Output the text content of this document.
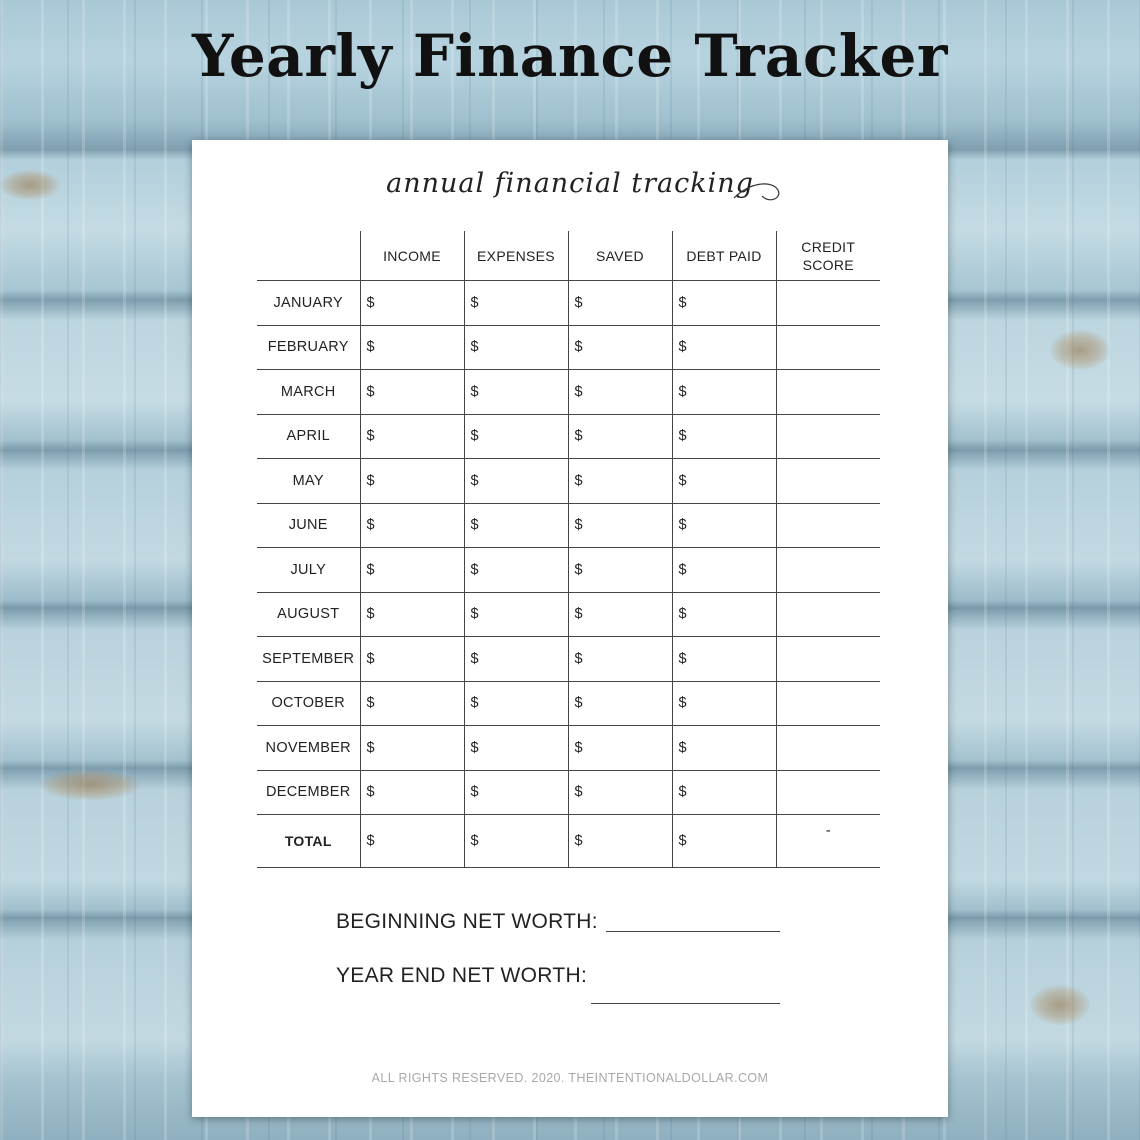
Yearly Finance Tracker
annual financial tracking
	INCOME	EXPENSES	SAVED	DEBT PAID	CREDIT
SCORE
JANUARY	$	$	$	$	
FEBRUARY	$	$	$	$	
MARCH	$	$	$	$	
APRIL	$	$	$	$	
MAY	$	$	$	$	
JUNE	$	$	$	$	
JULY	$	$	$	$	
AUGUST	$	$	$	$	
SEPTEMBER	$	$	$	$	
OCTOBER	$	$	$	$	
NOVEMBER	$	$	$	$	
DECEMBER	$	$	$	$	
TOTAL	$	$	$	$	-
BEGINNING NET WORTH:
YEAR END NET WORTH:
ALL RIGHTS RESERVED. 2020. THEINTENTIONALDOLLAR.COM
